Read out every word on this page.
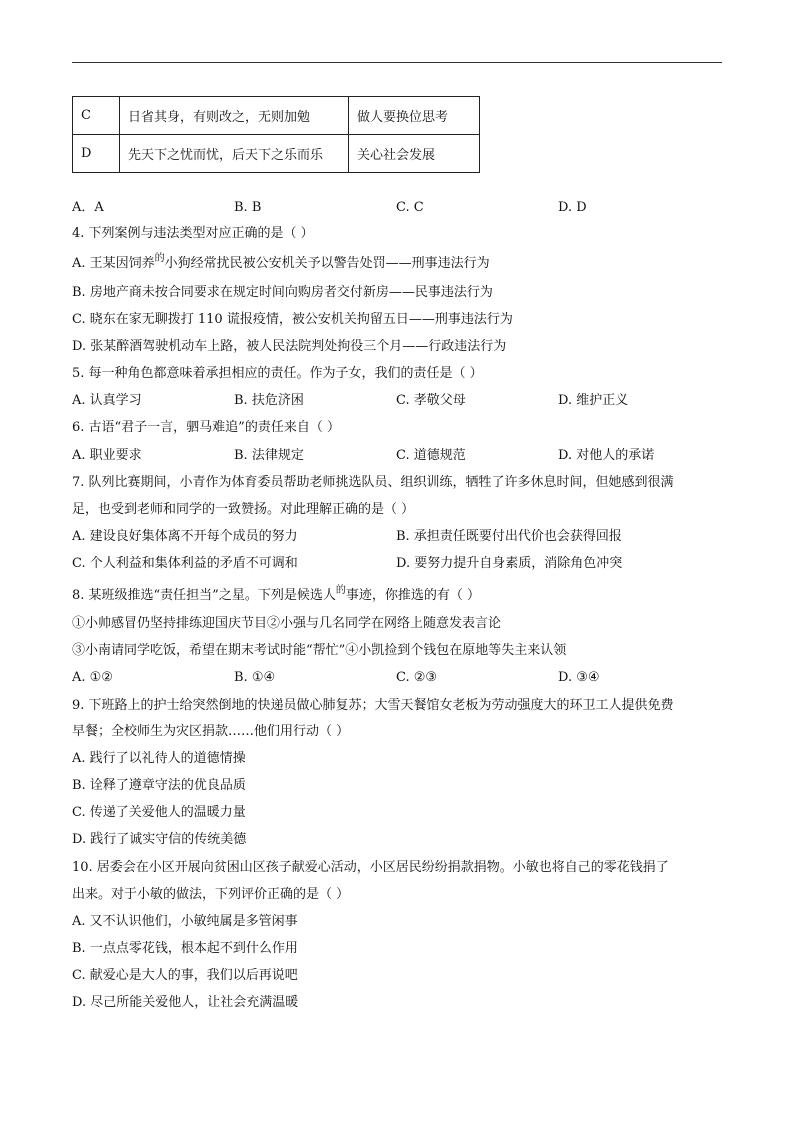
C	日省其身，有则改之，无则加勉	做人要换位思考
D	先天下之忧而忧，后天下之乐而乐	关心社会发展
A．A	B. B	C. C	D. D
4. 下列案例与违法类型对应正确的是（ ）
A. 王某因饲养$^的$小狗经常扰民被公安机关予以警告处罚——刑事违法行为
B. 房地产商未按合同要求在规定时间向购房者交付新房——民事违法行为
C. 晓东在家无聊拨打 110 谎报疫情，被公安机关拘留五日——刑事违法行为
D. 张某醉酒驾驶机动车上路，被人民法院判处拘役三个月——行政违法行为
5. 每一种角色都意味着承担相应的责任。作为子女，我们的责任是（ ）
A. 认真学习	B. 扶危济困	C. 孝敬父母	D. 维护正义
6. 古语“君子一言，驷马难追”的责任来自（ ）
A. 职业要求	B. 法律规定	C. 道德规范	D. 对他人的承诺
7. 队列比赛期间，小青作为体育委员帮助老师挑选队员、组织训练，牺牲了许多休息时间，但她感到很满
足，也受到老师和同学的一致赞扬。对此理解正确的是（ ）
A. 建设良好集体离不开每个成员的努力	B. 承担责任既要付出代价也会获得回报
C. 个人利益和集体利益的矛盾不可调和	D. 要努力提升自身素质，消除角色冲突
8. 某班级推选“责任担当”之星。下列是候选人$^的$事迹，你推选的有（ ）
①小帅感冒仍坚持排练迎国庆节目②小强与几名同学在网络上随意发表言论
③小南请同学吃饭，希望在期末考试时能“帮忙”④小凯捡到个钱包在原地等失主来认领
A. ①②	B. ①④	C. ②③	D. ③④
9. 下班路上的护士给突然倒地的快递员做心肺复苏；大雪天餐馆女老板为劳动强度大的环卫工人提供免费
早餐；全校师生为灾区捐款……他们用行动（ ）
A. 践行了以礼待人的道德情操
B. 诠释了遵章守法的优良品质
C. 传递了关爱他人的温暖力量
D. 践行了诚实守信的传统美德
10. 居委会在小区开展向贫困山区孩子献爱心活动，小区居民纷纷捐款捐物。小敏也将自己的零花钱捐了
出来。对于小敏的做法，下列评价正确的是（ ）
A. 又不认识他们，小敏纯属是多管闲事
B. 一点点零花钱，根本起不到什么作用
C. 献爱心是大人的事，我们以后再说吧
D. 尽己所能关爱他人，让社会充满温暖
